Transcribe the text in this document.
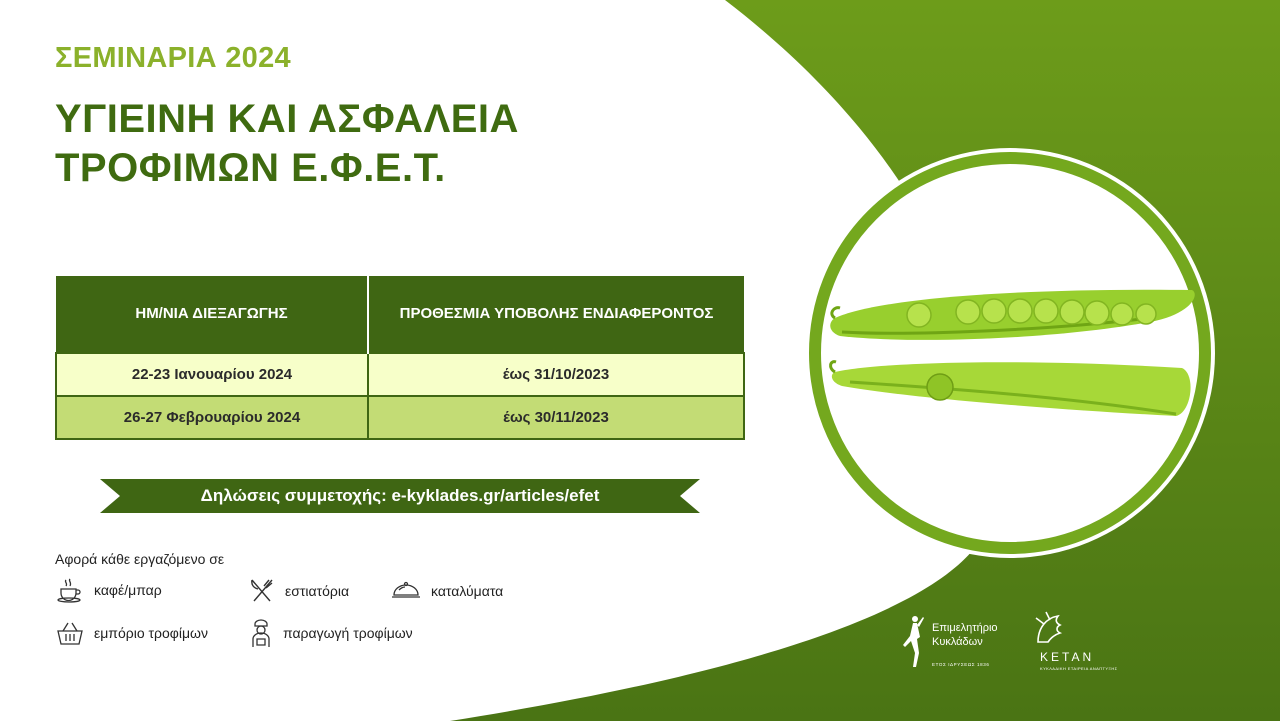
ΣΕΜΙΝΑΡΙΑ 2024
ΥΓΙΕΙΝΗ ΚΑΙ ΑΣΦΑΛΕΙΑ
ΤΡΟΦΙΜΩΝ Ε.Φ.Ε.Τ.
ΗΜ/ΝΙΑ ΔΙΕΞΑΓΩΓΗΣ	ΠΡΟΘΕΣΜΙΑ ΥΠΟΒΟΛΗΣ ΕΝΔΙΑΦΕΡΟΝΤΟΣ
22-23 Ιανουαρίου 2024	έως 31/10/2023
26-27 Φεβρουαρίου 2024	έως 30/11/2023

Δηλώσεις συμμετοχής: e-kyklades.gr/articles/efet

Αφορά κάθε εργαζόμενο σε

καφέ/μπαρ	εστιατόρια	καταλύματα
εμπόριο τροφίμων	παραγωγή τροφίμων	Επιμελητήριο
Κυκλάδων
ΕΤΟΣ ΙΔΡΥΣΕΩΣ 1836
ΚΕΤΑΝ
ΚΥΚΛΑΔΙΚΗ ΕΤΑΙΡΕΙΑ ΑΝΑΠΤΥΞΗΣ
